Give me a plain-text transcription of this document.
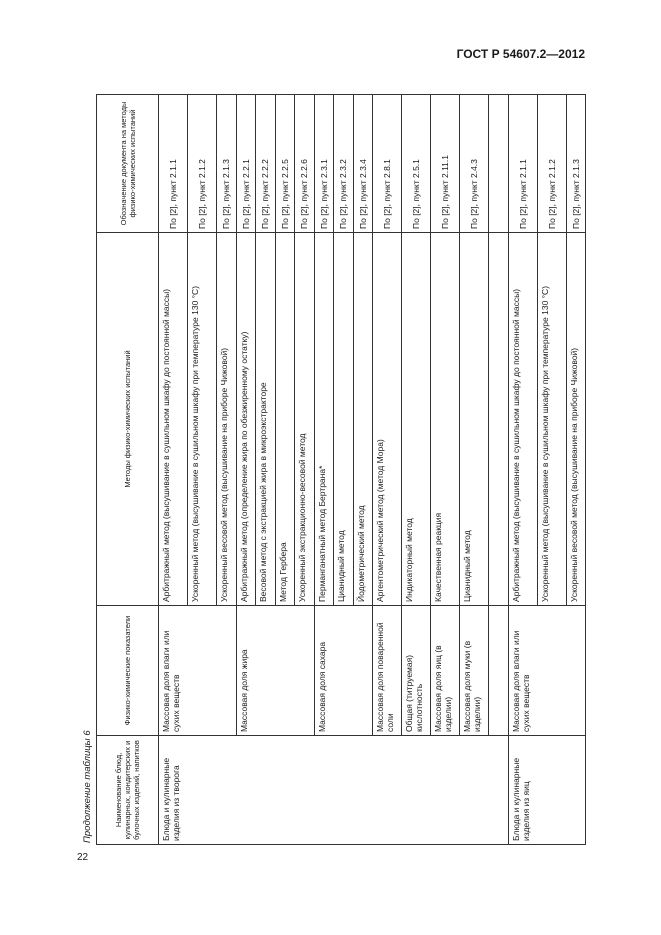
ГОСТ Р 54607.2—2012
22
Продолжение таблицы 6	Наименование блюд, кулинарных, кондитерских и булочных изделий, напитков	Физико-химические показатели	Методы физико-химических испытаний	Обозначение документа на методы физико-химических испытаний
Блюда и кулинарные изделия из творога	Массовая доля влаги или сухих веществ	Арбитражный метод (высушивание в сушильном шкафу до постоянной массы)	По [2], пункт 2.1.1
		Ускоренный метод (высушивание в сушильном шкафу при температуре 130 °С)	По [2], пункт 2.1.2
		Ускоренный весовой метод (высушивание на приборе Чижовой)	По [2], пункт 2.1.3
	Массовая доля жира	Арбитражный метод (определение жира по обезжиренному остатку)	По [2], пункт 2.2.1
		Весовой метод с экстракцией жира в микроэкстракторе	По [2], пункт 2.2.2
		Метод Гербера	По [2], пункт 2.2.5
		Ускоренный экстракционно-весовой метод	По [2], пункт 2.2.6
	Массовая доля сахара	Перманганатный метод Бертрана*	По [2], пункт 2.3.1
		Цианидный метод	По [2], пункт 2.3.2
		Йодометрический метод	По [2], пункт 2.3.4
	Массовая доля поваренной соли	Аргентометрический метод (метод Мора)	По [2], пункт 2.8.1
	Общая (титруемая) кислотность	Индикаторный метод	По [2], пункт 2.5.1
	Массовая доля яиц (в изделии)	Качественная реакция	По [2], пункт 2.11.1
	Массовая доля муки (в изделии)	Цианидный метод	По [2], пункт 2.4.3

Блюда и кулинарные изделия из яиц	Массовая доля влаги или сухих веществ	Арбитражный метод (высушивание в сушильном шкафу до постоянной массы)	По [2], пункт 2.1.1
		Ускоренный метод (высушивание в сушильном шкафу при температуре 130 °С)	По [2], пункт 2.1.2
		Ускоренный весовой метод (высушивание на приборе Чижовой)	По [2], пункт 2.1.3
